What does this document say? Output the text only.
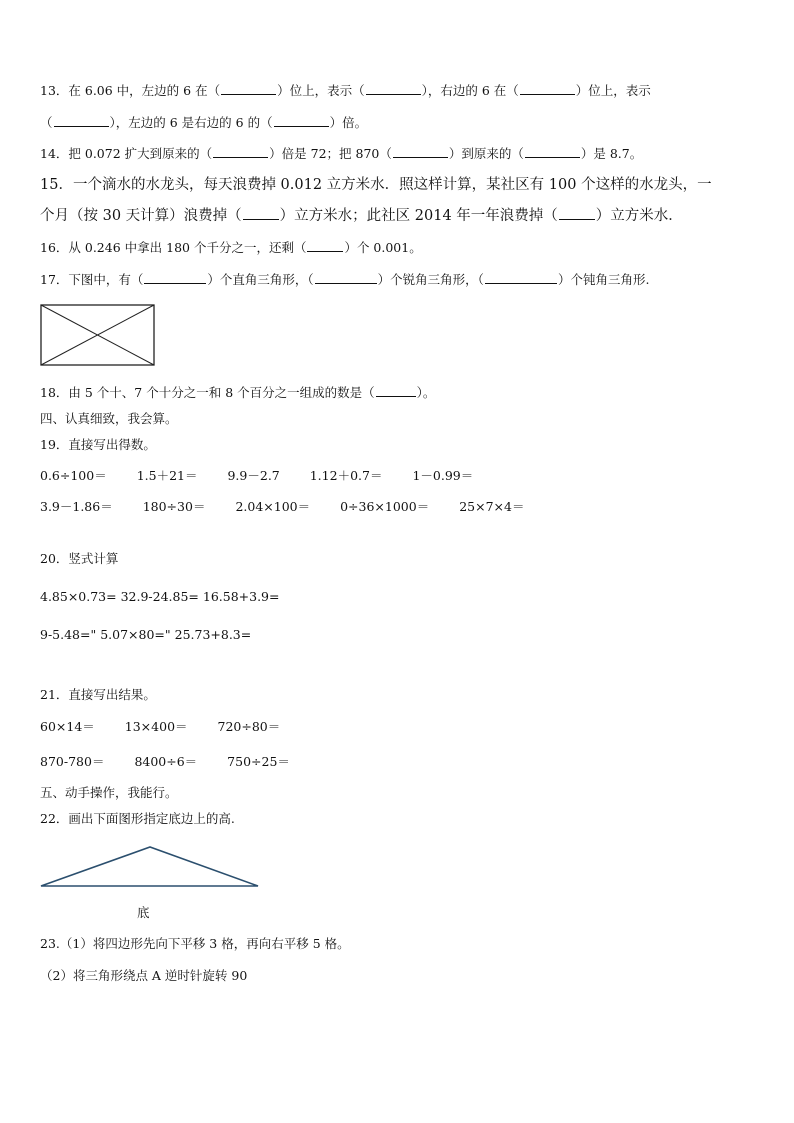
13．在 6.06 中，左边的 6 在（	）位上，表示（	），右边的 6 在（	）位上，表示
（	），左边的 6 是右边的 6 的（	）倍。
14．把 0.072 扩大到原来的（	）倍是 72；把 870（	）到原来的（	）是 8.7。
15．一个滴水的水龙头，每天浪费掉 0.012 立方米水．照这样计算，某社区有 100 个这样的水龙头，一
个月（按 30 天计算）浪费掉（	）立方米水；此社区 2014 年一年浪费掉（	）立方米水．
16．从 0.246 中拿出 180 个千分之一，还剩（	）个 0.001。
17．下图中，有（	）个直角三角形，（	）个锐角三角形，（	）个钝角三角形.
18．由 5 个十、7 个十分之一和 8 个百分之一组成的数是（	）。
四、认真细致，我会算。
19．直接写出得数。
0.6÷100＝ 1.5＋21＝ 9.9－2.7 1.12＋0.7＝ 1－0.99＝
3.9－1.86＝ 180÷30＝ 2.04×100＝ 0÷36×1000＝ 25×7×4＝
20．竖式计算
4.85×0.73= 32.9-24.85= 16.58+3.9=
9-5.48=" 5.07×80=" 25.73+8.3=
21．直接写出结果。
60×14＝ 13×400＝ 720÷80＝
870-780＝ 8400÷6＝ 750÷25＝
五、动手操作，我能行。
22．画出下面图形指定底边上的高.
底
23.（1）将四边形先向下平移 3 格，再向右平移 5 格。
（2）将三角形绕点 A 逆时针旋转 90
